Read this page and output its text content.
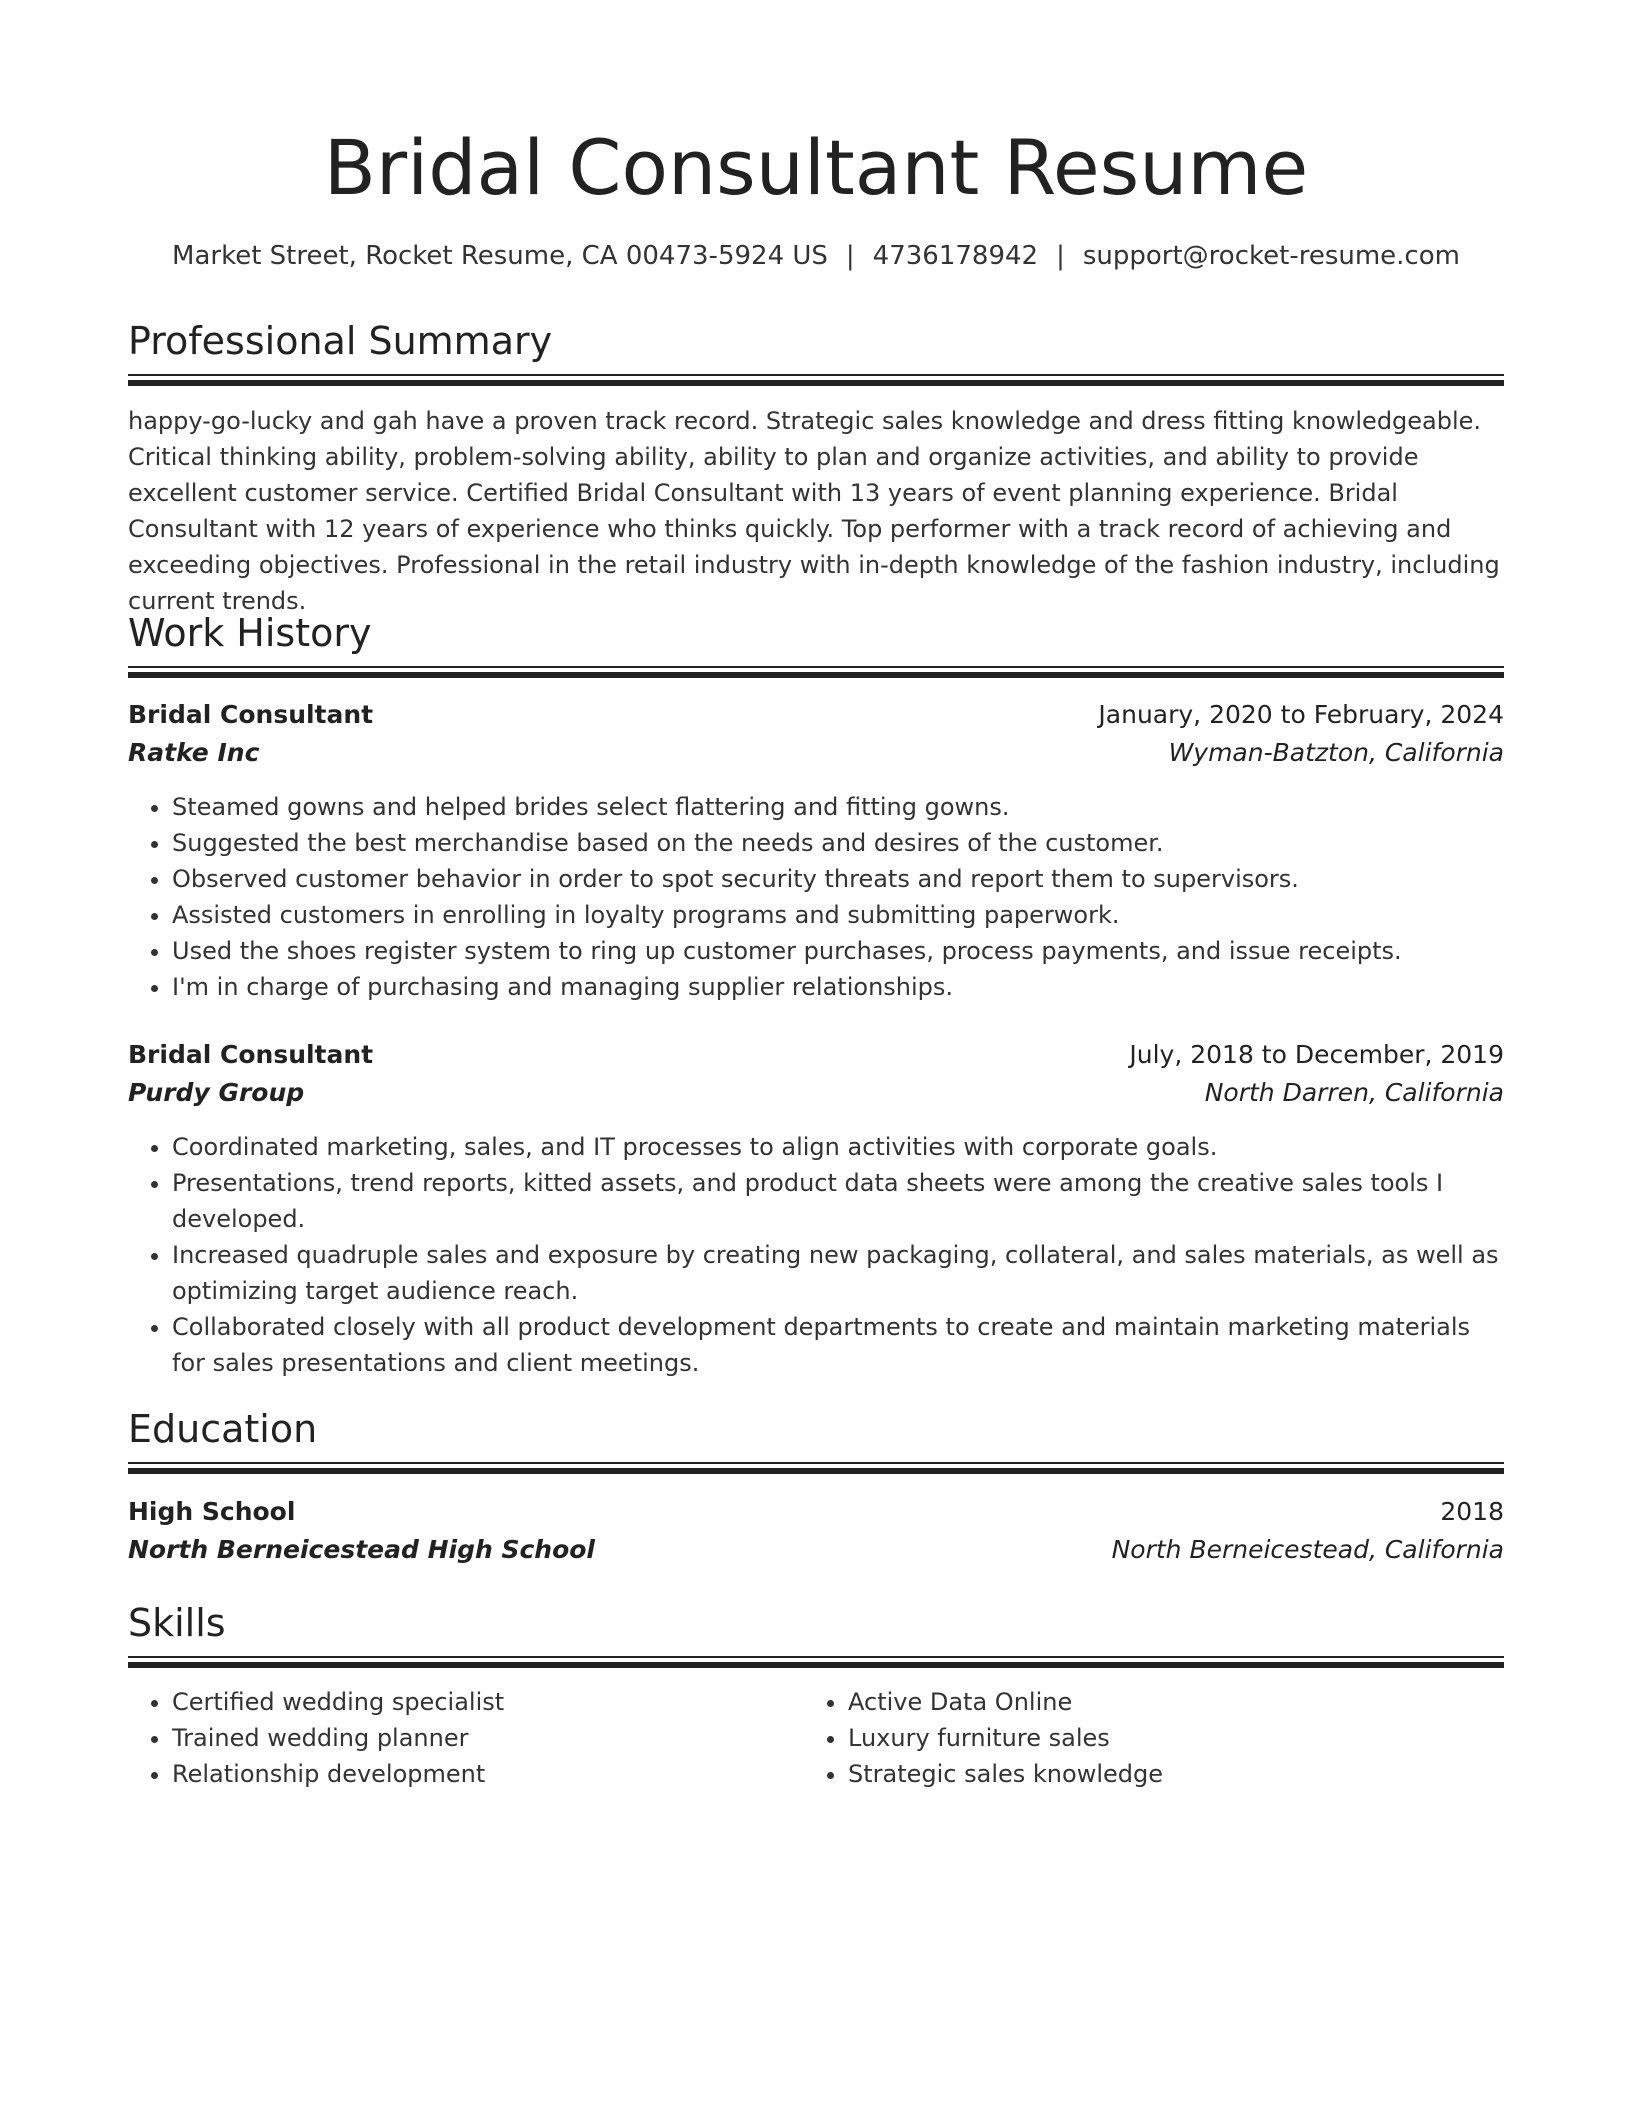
Bridal Consultant Resume
Market Street, Rocket Resume, CA 00473-5924 US | 4736178942 | support@rocket-resume.com
Professional Summary

happy-go-lucky and gah have a proven track record. Strategic sales knowledge and dress fitting knowledgeable. Critical thinking ability, problem-solving ability, ability to plan and organize activities, and ability to provide excellent customer service. Certified Bridal Consultant with 13 years of event planning experience. Bridal Consultant with 12 years of experience who thinks quickly. Top performer with a track record of achieving and exceeding objectives. Professional in the retail industry with in-depth knowledge of the fashion industry, including current trends.

Work History
Bridal Consultant	January, 2020 to February, 2024
Ratke Inc	Wyman-Batzton, California
• Steamed gowns and helped brides select flattering and fitting gowns.
• Suggested the best merchandise based on the needs and desires of the customer.
• Observed customer behavior in order to spot security threats and report them to supervisors.
• Assisted customers in enrolling in loyalty programs and submitting paperwork.
• Used the shoes register system to ring up customer purchases, process payments, and issue receipts.
• I'm in charge of purchasing and managing supplier relationships.
Bridal Consultant	July, 2018 to December, 2019
Purdy Group	North Darren, California
• Coordinated marketing, sales, and IT processes to align activities with corporate goals.
• Presentations, trend reports, kitted assets, and product data sheets were among the creative sales tools I developed.
• Increased quadruple sales and exposure by creating new packaging, collateral, and sales materials, as well as optimizing target audience reach.
• Collaborated closely with all product development departments to create and maintain marketing materials for sales presentations and client meetings.
Education
High School	2018
North Berneicestead High School	North Berneicestead, California
Skills
• Certified wedding specialist
• Trained wedding planner
• Relationship development
• Active Data Online
• Luxury furniture sales
• Strategic sales knowledge
